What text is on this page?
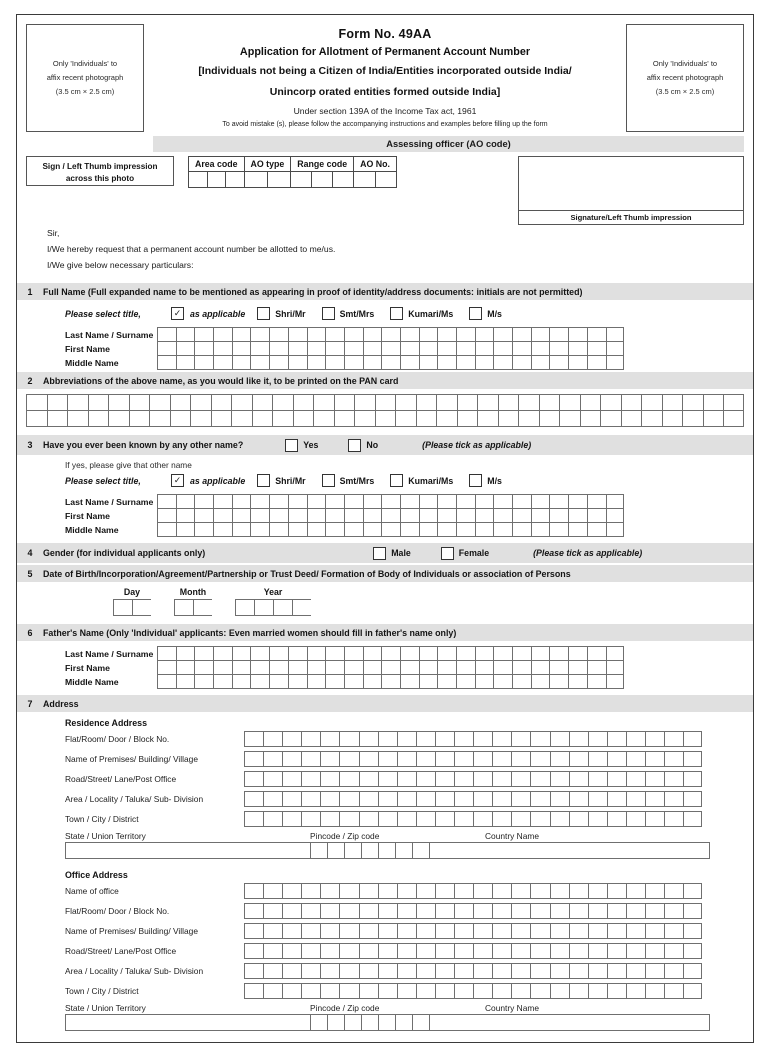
Only 'Individuals' to
affix recent photograph
(3.5 cm × 2.5 cm)
Form No. 49AA
Application for Allotment of Permanent Account Number
[Individuals not being a Citizen of India/Entities incorporated outside India/
Unincorp orated entities formed outside India]
Under section 139A of the Income Tax act, 1961
To avoid mistake (s), please follow the accompanying instructions and examples before filling up the form
Only 'Individuals' to
affix recent photograph
(3.5 cm × 2.5 cm)
Assessing officer (AO code)
Sign / Left Thumb impression
across this photo
Area code			AO type		Range code			AO No.	

Signature/Left Thumb impression
Sir,
I/We hereby request that a permanent account number be allotted to me/us.
I/We give below necessary particulars:
1	Full Name (Full expanded name to be mentioned as appearing in proof of identity/address documents: initials are not permitted)
Please select title,	✓ as applicable	Shri/Mr	Smt/Mrs	Kumari/Ms	M/s
Last Name / Surname
First Name
Middle Name
2	Abbreviations of the above name, as you would like it, to be printed on the PAN card
3	Have you ever been known by any other name?	Yes	No	(Please tick as applicable)
If yes, please give that other name
Please select title,	✓ as applicable	Shri/Mr	Smt/Mrs	Kumari/Ms	M/s
Last Name / Surname
First Name
Middle Name
4	Gender (for individual applicants only)	Male	Female	(Please tick as applicable)
5	Date of Birth/Incorporation/Agreement/Partnership or Trust Deed/ Formation of Body of Individuals or association of Persons
Day	Month	Year
6	Father's Name (Only 'Individual' applicants: Even married women should fill in father's name only)
Last Name / Surname
First Name
Middle Name
7	Address
Residence Address
Flat/Room/ Door / Block No.
Name of Premises/ Building/ Village
Road/Street/ Lane/Post Office
Area / Locality / Taluka/ Sub- Division
Town / City / District
State / Union Territory	Pincode / Zip code	Country Name
Office Address
Name of office
Flat/Room/ Door / Block No.
Name of Premises/ Building/ Village
Road/Street/ Lane/Post Office
Area / Locality / Taluka/ Sub- Division
Town / City / District
State / Union Territory	Pincode / Zip code	Country Name
